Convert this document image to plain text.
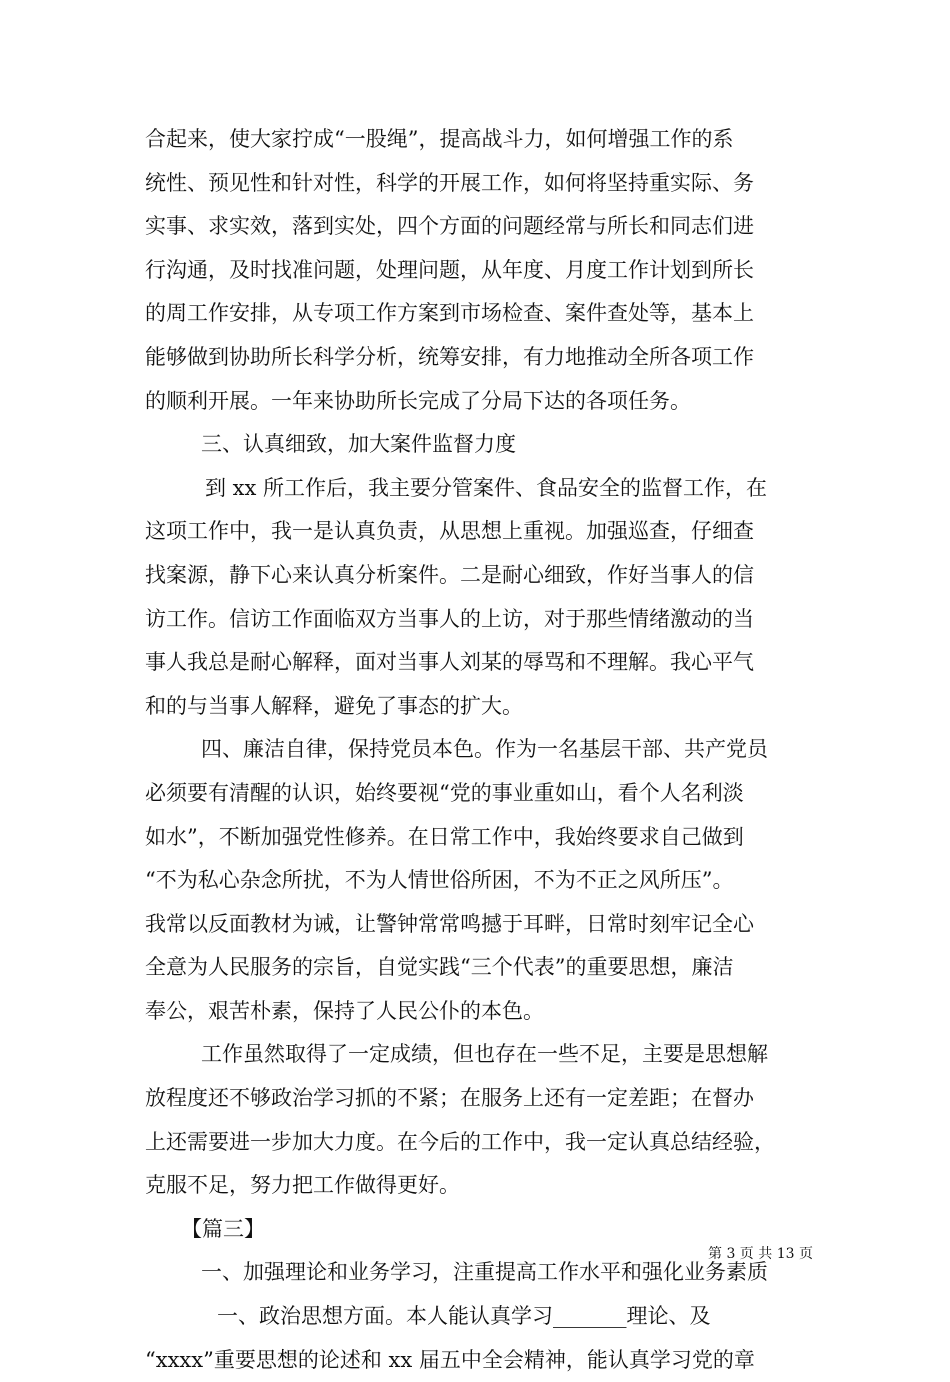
合起来，使大家拧成“一股绳”，提高战斗力，如何增强工作的系
统性、预见性和针对性，科学的开展工作，如何将坚持重实际、务
实事、求实效，落到实处，四个方面的问题经常与所长和同志们进
行沟通，及时找准问题，处理问题，从年度、月度工作计划到所长
的周工作安排，从专项工作方案到市场检查、案件查处等，基本上
能够做到协助所长科学分析，统筹安排，有力地推动全所各项工作
的顺利开展。一年来协助所长完成了分局下达的各项任务。
三、认真细致，加大案件监督力度
到 xx 所工作后，我主要分管案件、食品安全的监督工作，在
这项工作中，我一是认真负责，从思想上重视。加强巡查，仔细查
找案源，静下心来认真分析案件。二是耐心细致，作好当事人的信
访工作。信访工作面临双方当事人的上访，对于那些情绪激动的当
事人我总是耐心解释，面对当事人刘某的辱骂和不理解。我心平气
和的与当事人解释，避免了事态的扩大。
四、廉洁自律，保持党员本色。作为一名基层干部、共产党员
必须要有清醒的认识，始终要视“党的事业重如山，看个人名利淡
如水”，不断加强党性修养。在日常工作中，我始终要求自己做到
“不为私心杂念所扰，不为人情世俗所困，不为不正之风所压”。
我常以反面教材为诫，让警钟常常鸣撼于耳畔，日常时刻牢记全心
全意为人民服务的宗旨，自觉实践“三个代表”的重要思想，廉洁
奉公，艰苦朴素，保持了人民公仆的本色。
工作虽然取得了一定成绩，但也存在一些不足，主要是思想解
放程度还不够政治学习抓的不紧；在服务上还有一定差距；在督办
上还需要进一步加大力度。在今后的工作中，我一定认真总结经验，
克服不足，努力把工作做得更好。
【篇三】
一、加强理论和业务学习，注重提高工作水平和强化业务素质
一、政治思想方面。本人能认真学习_______理论、及
“xxxx”重要思想的论述和 xx 届五中全会精神，能认真学习党的章
第 3 页 共 13 页
